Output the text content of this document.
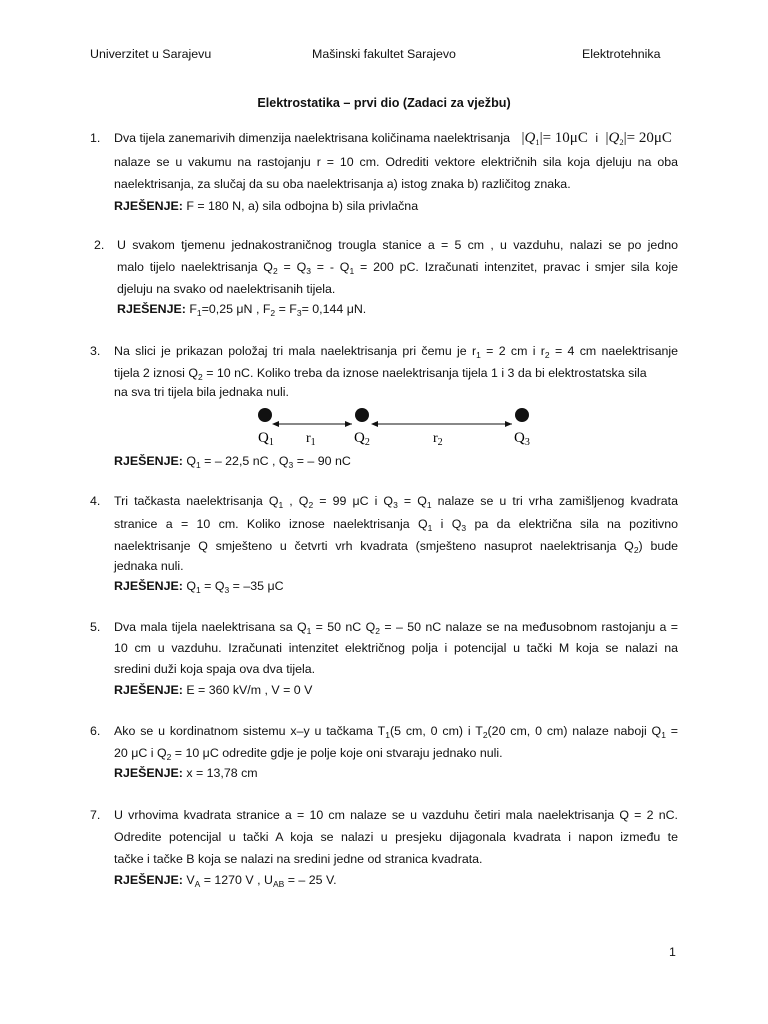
Univerzitet u Sarajevu	Mašinski fakultet Sarajevo	Elektrotehnika
Elektrostatika – prvi dio (Zadaci za vježbu)
1. Dva tijela zanemarivih dimenzija naelektrisana količinama naelektrisanja $|Q_1|= 10\mu C$ i $|Q_2|= 20\mu C$
nalaze se u vakumu na rastojanju r = 10 cm. Odrediti vektore električnih sila koja djeluju na oba
naelektrisanja, za slučaj da su oba naelektrisanja a) istog znaka b) različitog znaka.
RJEŠENJE: F = 180 N, a) sila odbojna b) sila privlačna
2. U svakom tjemenu jednakostraničnog trougla stanice a = 5 cm , u vazduhu, nalazi se po jedno
malo tijelo naelektrisanja $Q_2 = Q_3$ = - $Q_1 = 200$ pC. Izračunati intenzitet, pravac i smjer sila koje
djeluju na svako od naelektrisanih tijela.
RJEŠENJE: $F_1=0,25$ μN , $F_2 = F_3= 0,144$ μN.
3. Na slici je prikazan položaj tri mala naelektrisanja pri čemu je $r_1 = 2$ cm i $r_2 = 4$ cm naelektrisanje
tijela 2 iznosi $Q_2 = 10$ nC. Koliko treba da iznose naelektrisanja tijela 1 i 3 da bi elektrostatska sila
na sva tri tijela bila jednaka nuli.
$Q_1$ $r_1$	$Q_2$	$r_2$	$Q_3$
RJEŠENJE: $Q_1$ = – 22,5 nC , $Q_3$ = – 90 nC
4. Tri tačkasta naelektrisanja $Q_1$ , $Q_2 = 99$ μC i $Q_3 = Q_1$ nalaze se u tri vrha zamišljenog kvadrata
stranice a = 10 cm. Koliko iznose naelektrisanja $Q_1$ i $Q_3$ pa da električna sila na pozitivno
naelektrisanje Q smješteno u četvrti vrh kvadrata (smješteno nasuprot naelektrisanja $Q_2$) bude
jednaka nuli.
RJEŠENJE: $Q_1 = Q_3 = -35$ μC
5. Dva mala tijela naelektrisana sa $Q_1 = 50$ nC $Q_2$ = – 50 nC nalaze se na međusobnom rastojanju a =
10 cm u vazduhu. Izračunati intenzitet električnog polja i potencijal u tački M koja se nalazi na
sredini duži koja spaja ova dva tijela.
RJEŠENJE: E = 360 kV/m , V = 0 V
6. Ako se u kordinatnom sistemu x–y u tačkama $T_1(5$ cm, 0 cm) i $T_2(20$ cm, 0 cm) nalaze naboji $Q_1$ =
20 μC i $Q_2 = 10$ μC odredite gdje je polje koje oni stvaraju jednako nuli.
RJEŠENJE: x = 13,78 cm
7. U vrhovima kvadrata stranice a = 10 cm nalaze se u vazduhu četiri mala naelektrisanja Q = 2 nC.
Odredite potencijal u tački A koja se nalazi u presjeku dijagonala kvadrata i napon između te
tačke i tačke B koja se nalazi na sredini jedne od stranica kvadrata.
RJEŠENJE: $V_A = 1270$ V , $U_{AB}$ = – 25 V.
1
